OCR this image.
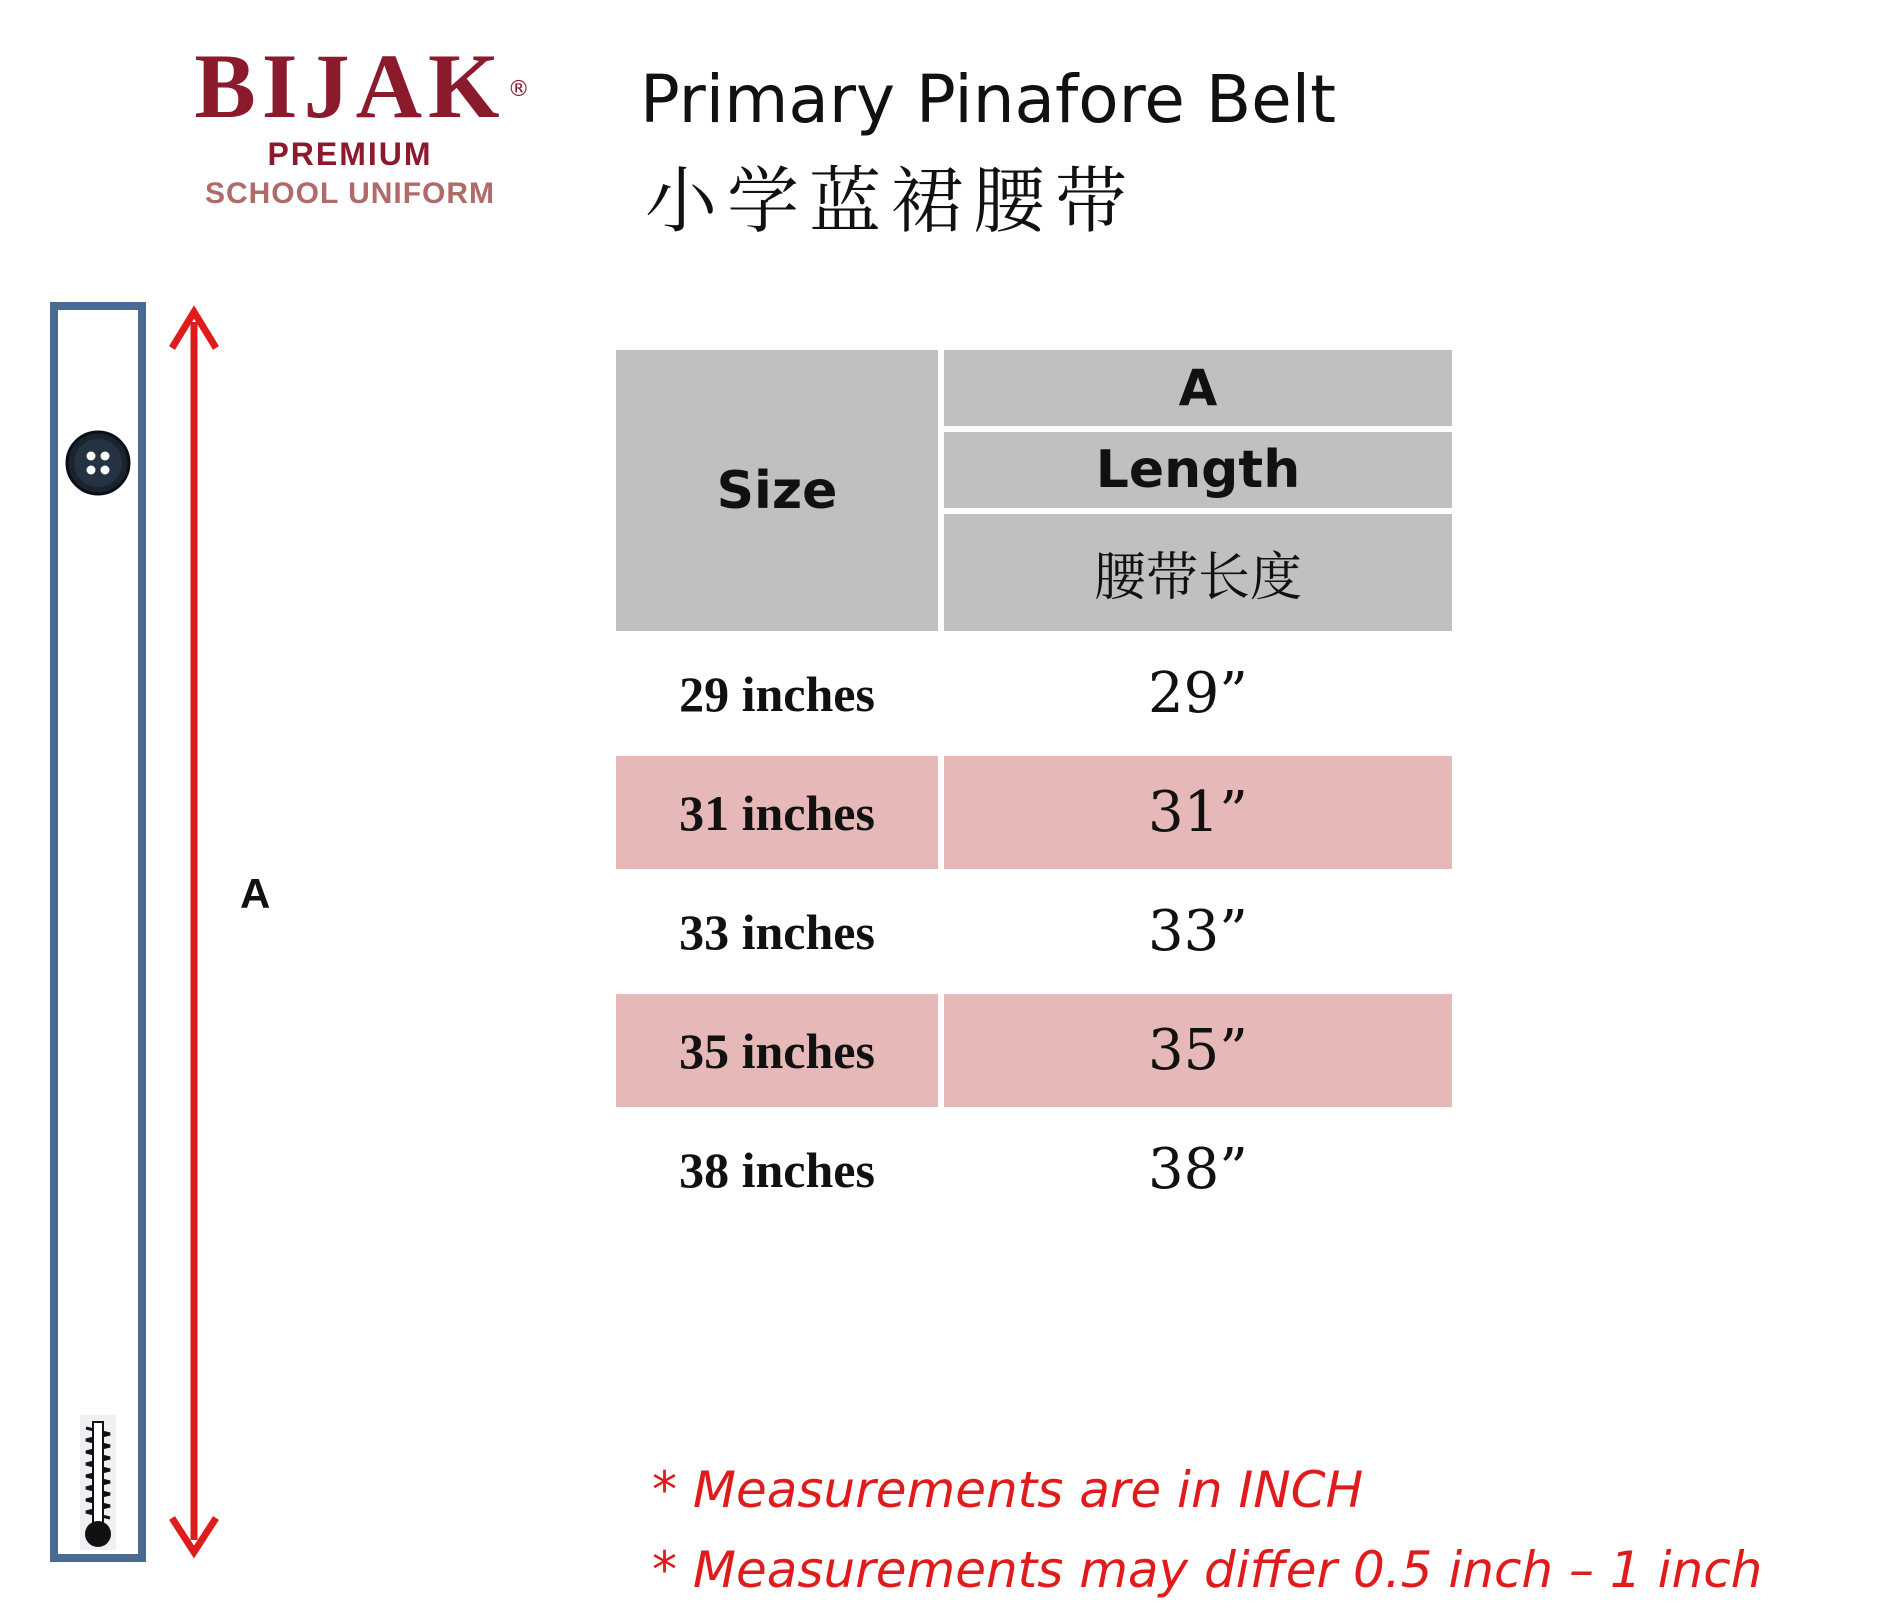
BIJAK ®
PREMIUM
SCHOOL UNIFORM
Primary Pinafore Belt
小学蓝裙腰带
A
Size
A
Length
腰带长度
29 inches	29”
31 inches	31”
33 inches	33”
35 inches	35”
38 inches	38”
* Measurements are in INCH
* Measurements may differ 0.5 inch – 1 inch
